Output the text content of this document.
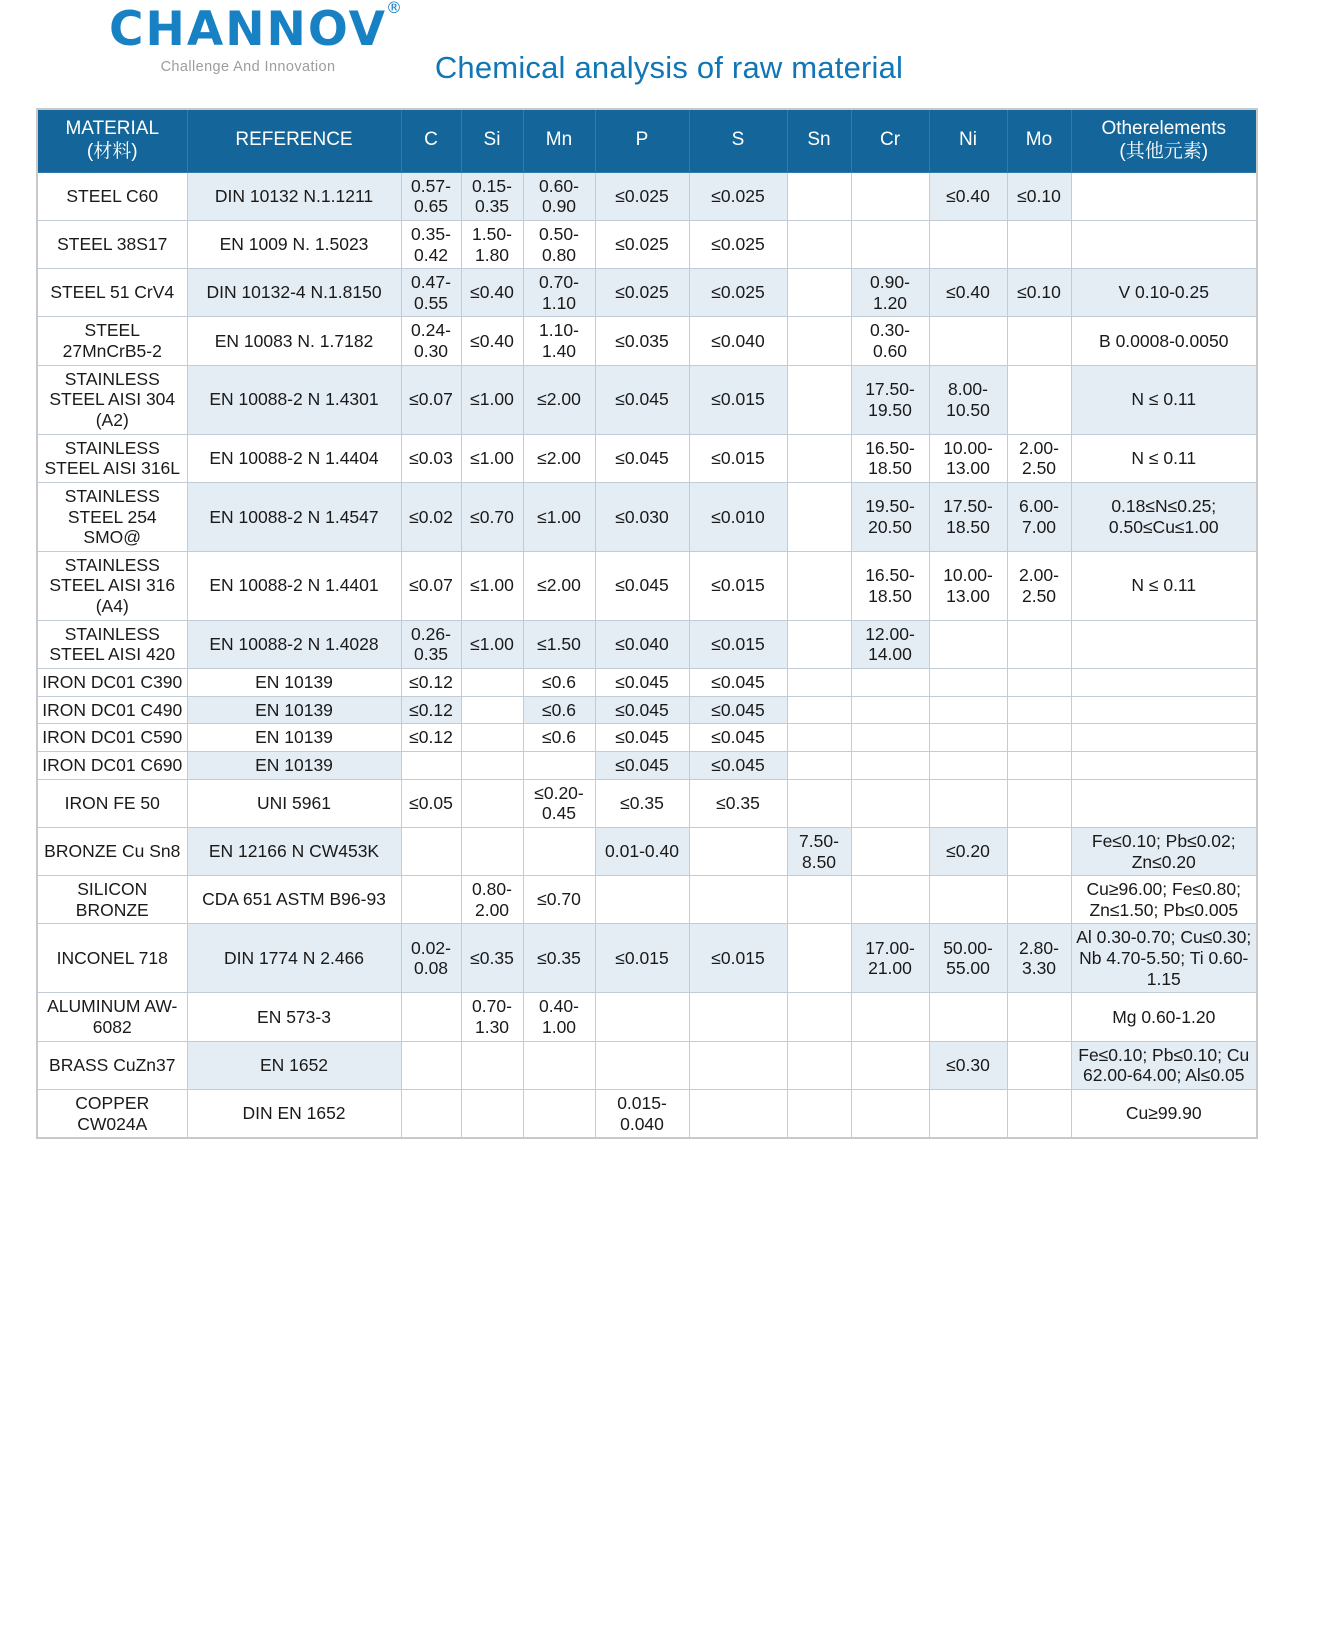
CHANNOV ®
Challenge And Innovation	Chemical analysis of raw material
MATERIAL
(材料)	REFERENCE	C	Si	Mn	P	S	Sn	Cr	Ni	Mo	Otherelements
(其他元素)

STEEL C60	DIN 10132 N.1.1211	0.57-0.65	0.15-0.35	0.60-0.90	≤0.025	≤0.025			≤0.40	≤0.10	
STEEL 38S17	EN 1009 N. 1.5023	0.35-0.42	1.50-1.80	0.50-0.80	≤0.025	≤0.025					
STEEL 51 CrV4	DIN 10132-4 N.1.8150	0.47-0.55	≤0.40	0.70-1.10	≤0.025	≤0.025		0.90-1.20	≤0.40	≤0.10	V 0.10-0.25
STEEL 27MnCrB5-2	EN 10083 N. 1.7182	0.24-0.30	≤0.40	1.10-1.40	≤0.035	≤0.040		0.30-0.60			B 0.0008-0.0050
STAINLESS STEEL AISI 304 (A2)	EN 10088-2 N 1.4301	≤0.07	≤1.00	≤2.00	≤0.045	≤0.015		17.50-19.50	8.00-10.50		N ≤ 0.11
STAINLESS STEEL AISI 316L	EN 10088-2 N 1.4404	≤0.03	≤1.00	≤2.00	≤0.045	≤0.015		16.50-18.50	10.00-13.00	2.00-2.50	N ≤ 0.11
STAINLESS STEEL 254 SMO@	EN 10088-2 N 1.4547	≤0.02	≤0.70	≤1.00	≤0.030	≤0.010		19.50-20.50	17.50-18.50	6.00-7.00	0.18≤N≤0.25; 0.50≤Cu≤1.00
STAINLESS STEEL AISI 316 (A4)	EN 10088-2 N 1.4401	≤0.07	≤1.00	≤2.00	≤0.045	≤0.015		16.50-18.50	10.00-13.00	2.00-2.50	N ≤ 0.11
STAINLESS STEEL AISI 420	EN 10088-2 N 1.4028	0.26-0.35	≤1.00	≤1.50	≤0.040	≤0.015		12.00-14.00			
IRON DC01 C390	EN 10139	≤0.12		≤0.6	≤0.045	≤0.045					
IRON DC01 C490	EN 10139	≤0.12		≤0.6	≤0.045	≤0.045					
IRON DC01 C590	EN 10139	≤0.12		≤0.6	≤0.045	≤0.045					
IRON DC01 C690	EN 10139				≤0.045	≤0.045					
IRON FE 50	UNI 5961	≤0.05		≤0.20-0.45	≤0.35	≤0.35					
BRONZE Cu Sn8	EN 12166 N CW453K				0.01-0.40		7.50-8.50		≤0.20		Fe≤0.10; Pb≤0.02; Zn≤0.20
SILICON BRONZE	CDA 651 ASTM B96-93		0.80-2.00	≤0.70							Cu≥96.00; Fe≤0.80; Zn≤1.50; Pb≤0.005
INCONEL 718	DIN 1774 N 2.466	0.02-0.08	≤0.35	≤0.35	≤0.015	≤0.015		17.00-21.00	50.00-55.00	2.80-3.30	Al 0.30-0.70; Cu≤0.30; Nb 4.70-5.50; Ti 0.60-1.15
ALUMINUM AW-6082	EN 573-3		0.70-1.30	0.40-1.00							Mg 0.60-1.20
BRASS CuZn37	EN 1652								≤0.30		Fe≤0.10; Pb≤0.10; Cu 62.00-64.00; Al≤0.05
COPPER CW024A	DIN EN 1652				0.015-0.040						Cu≥99.90
